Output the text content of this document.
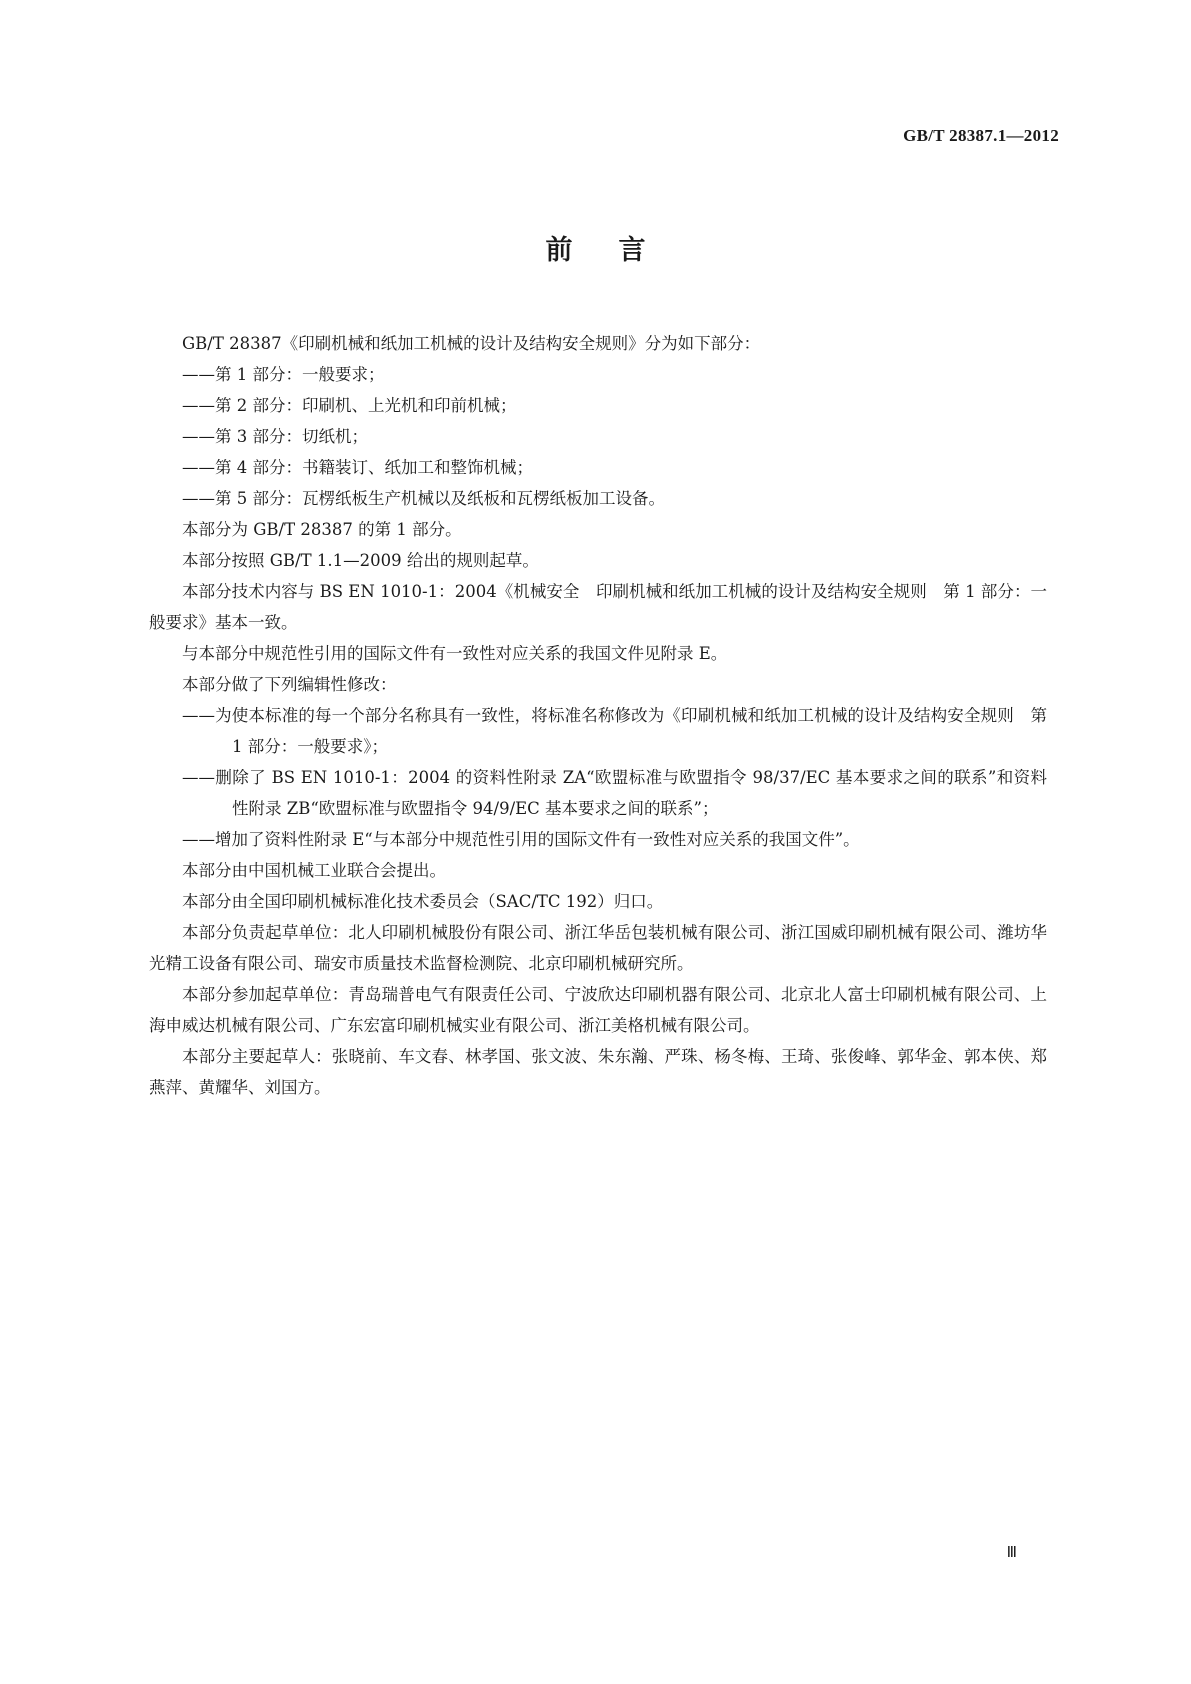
GB/T 28387.1—2012
前言

GB/T 28387《印刷机械和纸加工机械的设计及结构安全规则》分为如下部分：

——第 1 部分：一般要求；

——第 2 部分：印刷机、上光机和印前机械；

——第 3 部分：切纸机；

——第 4 部分：书籍装订、纸加工和整饰机械；

——第 5 部分：瓦楞纸板生产机械以及纸板和瓦楞纸板加工设备。

本部分为 GB/T 28387 的第 1 部分。

本部分按照 GB/T 1.1—2009 给出的规则起草。

本部分技术内容与 BS EN 1010-1：2004《机械安全　印刷机械和纸加工机械的设计及结构安全规则　第 1 部分：一般要求》基本一致。

与本部分中规范性引用的国际文件有一致性对应关系的我国文件见附录 E。

本部分做了下列编辑性修改：

——为使本标准的每一个部分名称具有一致性，将标准名称修改为《印刷机械和纸加工机械的设计及结构安全规则　第 1 部分：一般要求》；

——删除了 BS EN 1010-1：2004 的资料性附录 ZA“欧盟标准与欧盟指令 98/37/EC 基本要求之间的联系”和资料性附录 ZB“欧盟标准与欧盟指令 94/9/EC 基本要求之间的联系”；

——增加了资料性附录 E“与本部分中规范性引用的国际文件有一致性对应关系的我国文件”。

本部分由中国机械工业联合会提出。

本部分由全国印刷机械标准化技术委员会（SAC/TC 192）归口。

本部分负责起草单位：北人印刷机械股份有限公司、浙江华岳包装机械有限公司、浙江国威印刷机械有限公司、潍坊华光精工设备有限公司、瑞安市质量技术监督检测院、北京印刷机械研究所。

本部分参加起草单位：青岛瑞普电气有限责任公司、宁波欣达印刷机器有限公司、北京北人富士印刷机械有限公司、上海申威达机械有限公司、广东宏富印刷机械实业有限公司、浙江美格机械有限公司。

本部分主要起草人：张晓前、车文春、林孝国、张文波、朱东瀚、严珠、杨冬梅、王琦、张俊峰、郭华金、郭本侠、郑燕萍、黄耀华、刘国方。

Ⅲ
